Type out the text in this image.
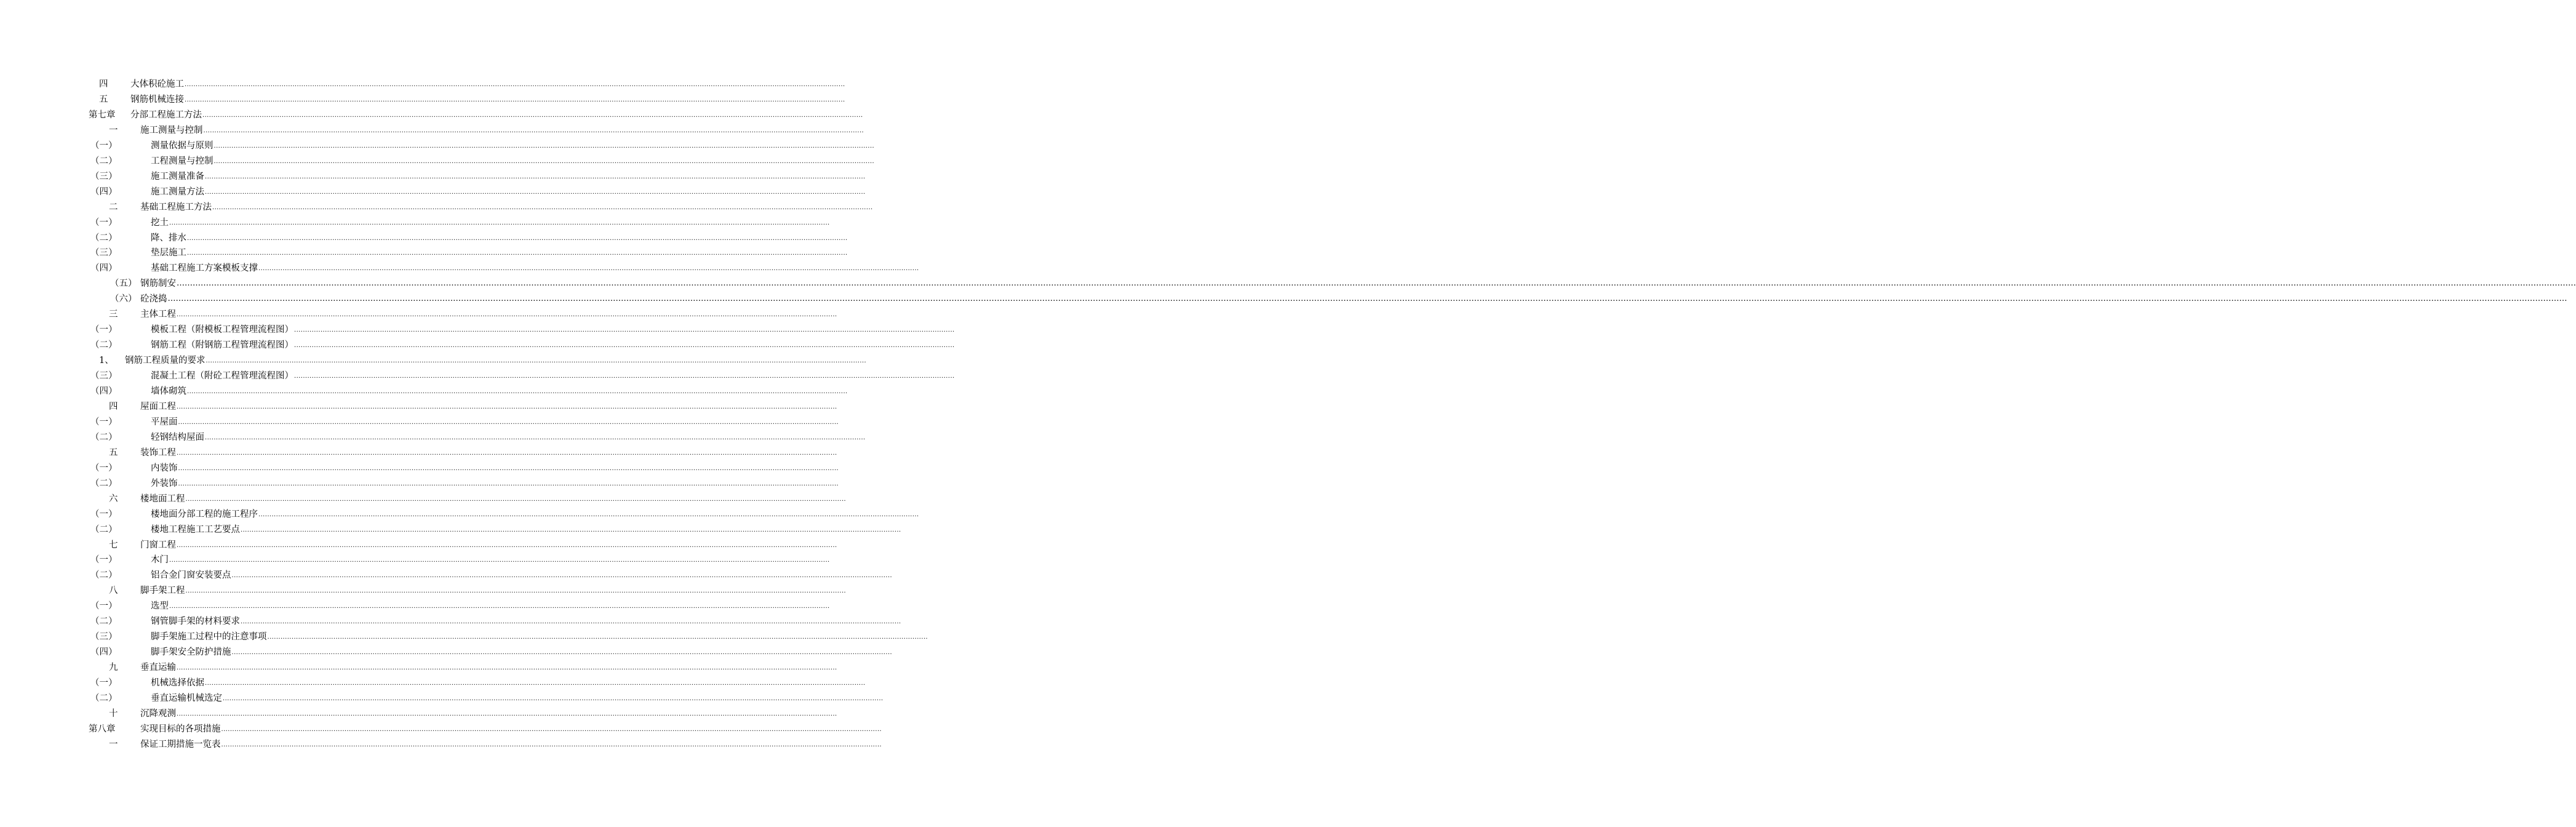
四	大体积砼施工 ............................................................................................................................................................................................................................................................................................................
五	钢筋机械连接 ............................................................................................................................................................................................................................................................................................................
第七章 分部工程施工方法 ............................................................................................................................................................................................................................................................................................................
一	施工测量与控制 ............................................................................................................................................................................................................................................................................................................
（一）	测量依据与原则 ............................................................................................................................................................................................................................................................................................................
（二）	工程测量与控制 ............................................................................................................................................................................................................................................................................................................
（三）	施工测量准备 ............................................................................................................................................................................................................................................................................................................
（四）	施工测量方法 ............................................................................................................................................................................................................................................................................................................
二	基础工程施工方法 ............................................................................................................................................................................................................................................................................................................
（一）	挖土 ............................................................................................................................................................................................................................................................................................................
（二）	降、排水 ............................................................................................................................................................................................................................................................................................................
（三）	垫层施工 ............................................................................................................................................................................................................................................................................................................
（四）	基础工程施工方案模板支撑 ............................................................................................................................................................................................................................................................................................................
（五） 钢筋制安 ………………………………………………………………………………………………………………………………………………………………………………………………………………………………………………………………………………………………………………………………………………………………………………………………………………………………………………………………………………………………………………………………………………………………………………………………………………………………………………………………………………………………………………………………………………………………………………………………………………………………
（六） 砼浇捣 ………………………………………………………………………………………………………………………………………………………………………………………………………………………………………………………………………………………………………………………………………………………………………………………………………………………………………………………………………………………………………………………………………………………………………………………………………………………………………………………………………………………………………………………………………………………………………………………………………………………………
三	主体工程 ............................................................................................................................................................................................................................................................................................................
（一）	模板工程（附模板工程管理流程图） ............................................................................................................................................................................................................................................................................................................
（二）	钢筋工程（附钢筋工程管理流程图） ............................................................................................................................................................................................................................................................................................................
1、 钢筋工程质量的要求 ............................................................................................................................................................................................................................................................................................................
（三）	混凝土工程（附砼工程管理流程图） ............................................................................................................................................................................................................................................................................................................
（四）	墙体砌筑 ............................................................................................................................................................................................................................................................................................................
四	屋面工程 ............................................................................................................................................................................................................................................................................................................
（一）	平屋面 ............................................................................................................................................................................................................................................................................................................
（二）	轻钢结构屋面 ............................................................................................................................................................................................................................................................................................................
五	装饰工程 ............................................................................................................................................................................................................................................................................................................
（一）	内装饰 ............................................................................................................................................................................................................................................................................................................
（二）	外装饰 ............................................................................................................................................................................................................................................................................................................
六	楼地面工程 ............................................................................................................................................................................................................................................................................................................
（一）	楼地面分部工程的施工程序 ............................................................................................................................................................................................................................................................................................................
（二）	楼地工程施工工艺要点 ............................................................................................................................................................................................................................................................................................................
七	门窗工程 ............................................................................................................................................................................................................................................................................................................
（一）	木门 ............................................................................................................................................................................................................................................................................................................
（二）	铝合金门窗安装要点 ............................................................................................................................................................................................................................................................................................................
八	脚手架工程 ............................................................................................................................................................................................................................................................................................................
（一）	选型 ............................................................................................................................................................................................................................................................................................................
（二）	钢管脚手架的材料要求 ............................................................................................................................................................................................................................................................................................................
（三）	脚手架施工过程中的注意事项 ............................................................................................................................................................................................................................................................................................................
（四）	脚手架安全防护措施 ............................................................................................................................................................................................................................................................................................................
九	垂直运输 ............................................................................................................................................................................................................................................................................................................
（一）	机械选择依据 ............................................................................................................................................................................................................................................................................................................
（二）	垂直运输机械选定 ............................................................................................................................................................................................................................................................................................................
十	沉降观测 ............................................................................................................................................................................................................................................................................................................
第八章	实现目标的各项措施 ............................................................................................................................................................................................................................................................................................................
一	保证工期措施一览表 ............................................................................................................................................................................................................................................................................................................
